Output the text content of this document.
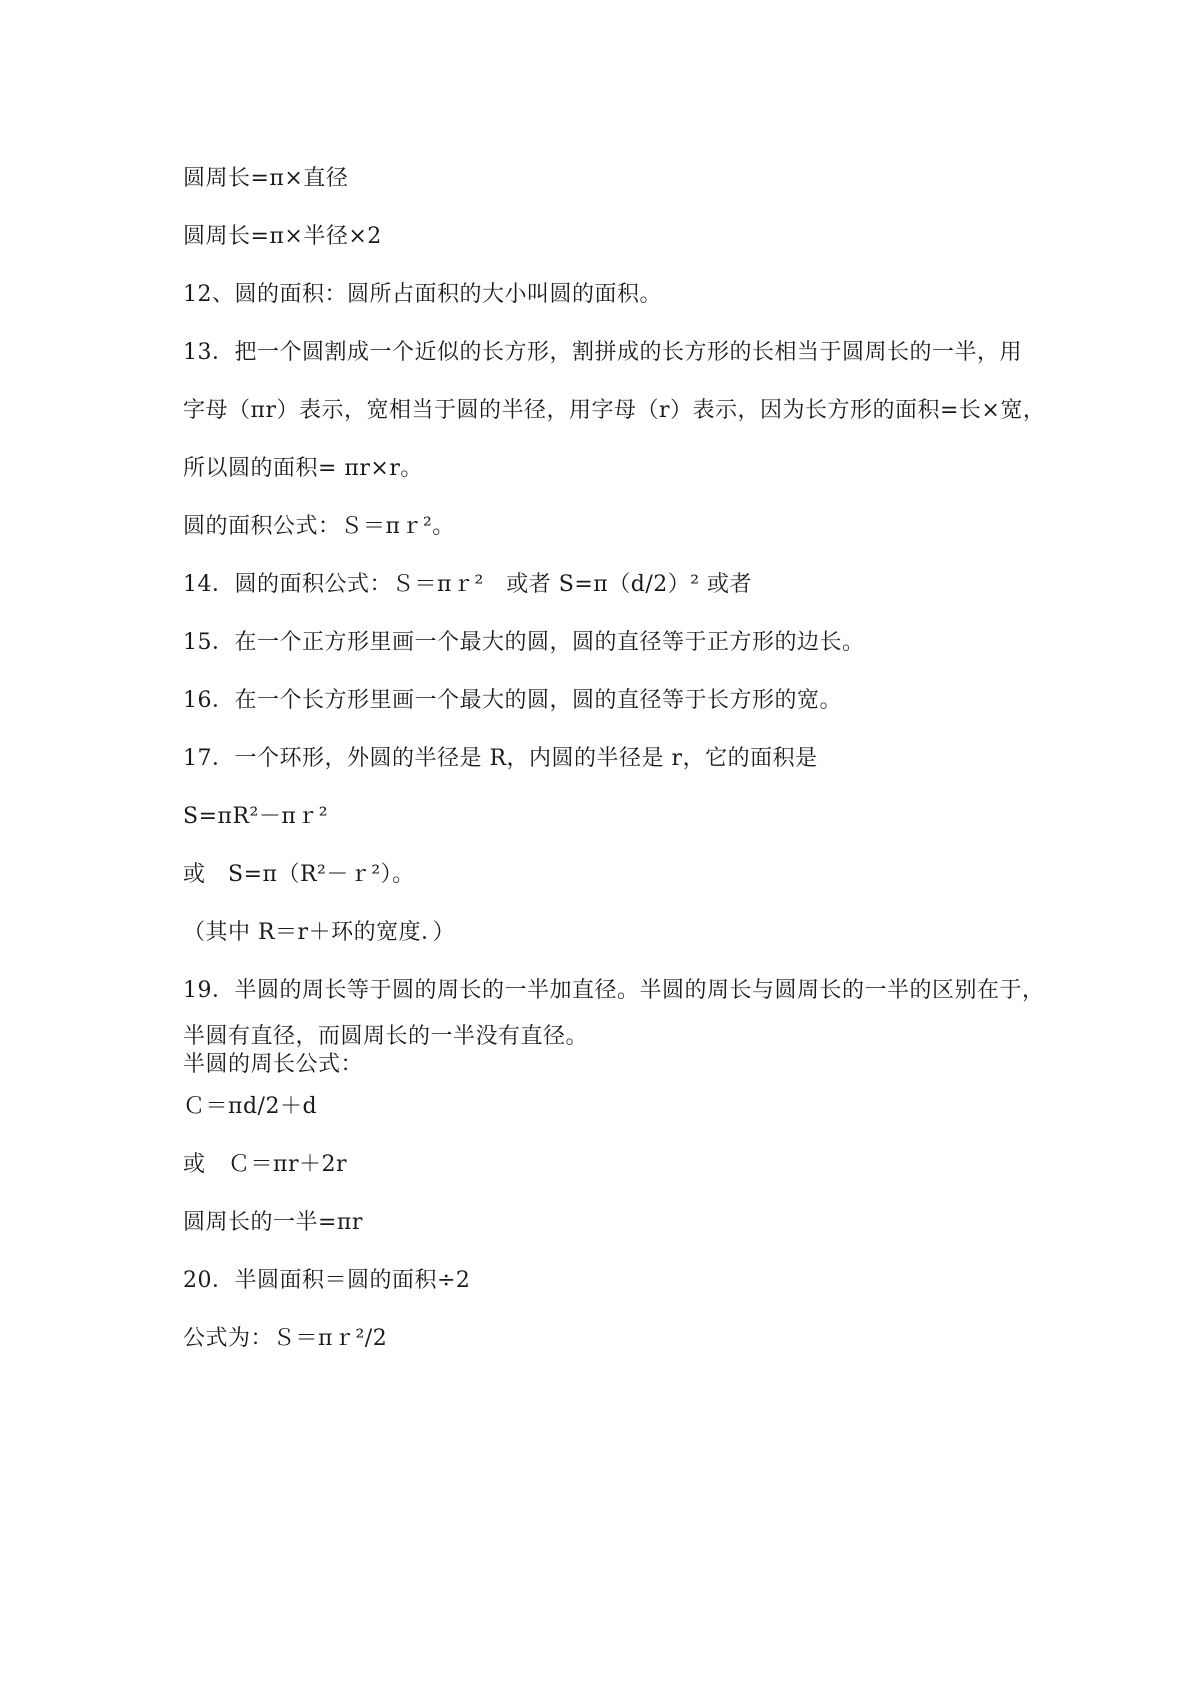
圆周长=π×直径
圆周长=π×半径×2
12、圆的面积：圆所占面积的大小叫圆的面积。
13．把一个圆割成一个近似的长方形，割拼成的长方形的长相当于圆周长的一半，用
字母（πr）表示，宽相当于圆的半径，用字母（r）表示，因为长方形的面积=长×宽，
所以圆的面积= πr×r。
圆的面积公式：Ｓ＝πｒ²。
14．圆的面积公式：Ｓ＝πｒ²　或者 S=π（d/2）² 或者
15．在一个正方形里画一个最大的圆，圆的直径等于正方形的边长。
16．在一个长方形里画一个最大的圆，圆的直径等于长方形的宽。
17．一个环形，外圆的半径是 R，内圆的半径是 r，它的面积是
S=πR²－πｒ²
或　S=π（R²－ｒ²）。
（其中 R＝r＋环的宽度．）
19．半圆的周长等于圆的周长的一半加直径。半圆的周长与圆周长的一半的区别在于，
半圆有直径，而圆周长的一半没有直径。
半圆的周长公式：
Ｃ＝πd/2＋d
或　Ｃ＝πr＋2r
圆周长的一半=πr
20．半圆面积＝圆的面积÷2
公式为：Ｓ＝πｒ²/2
